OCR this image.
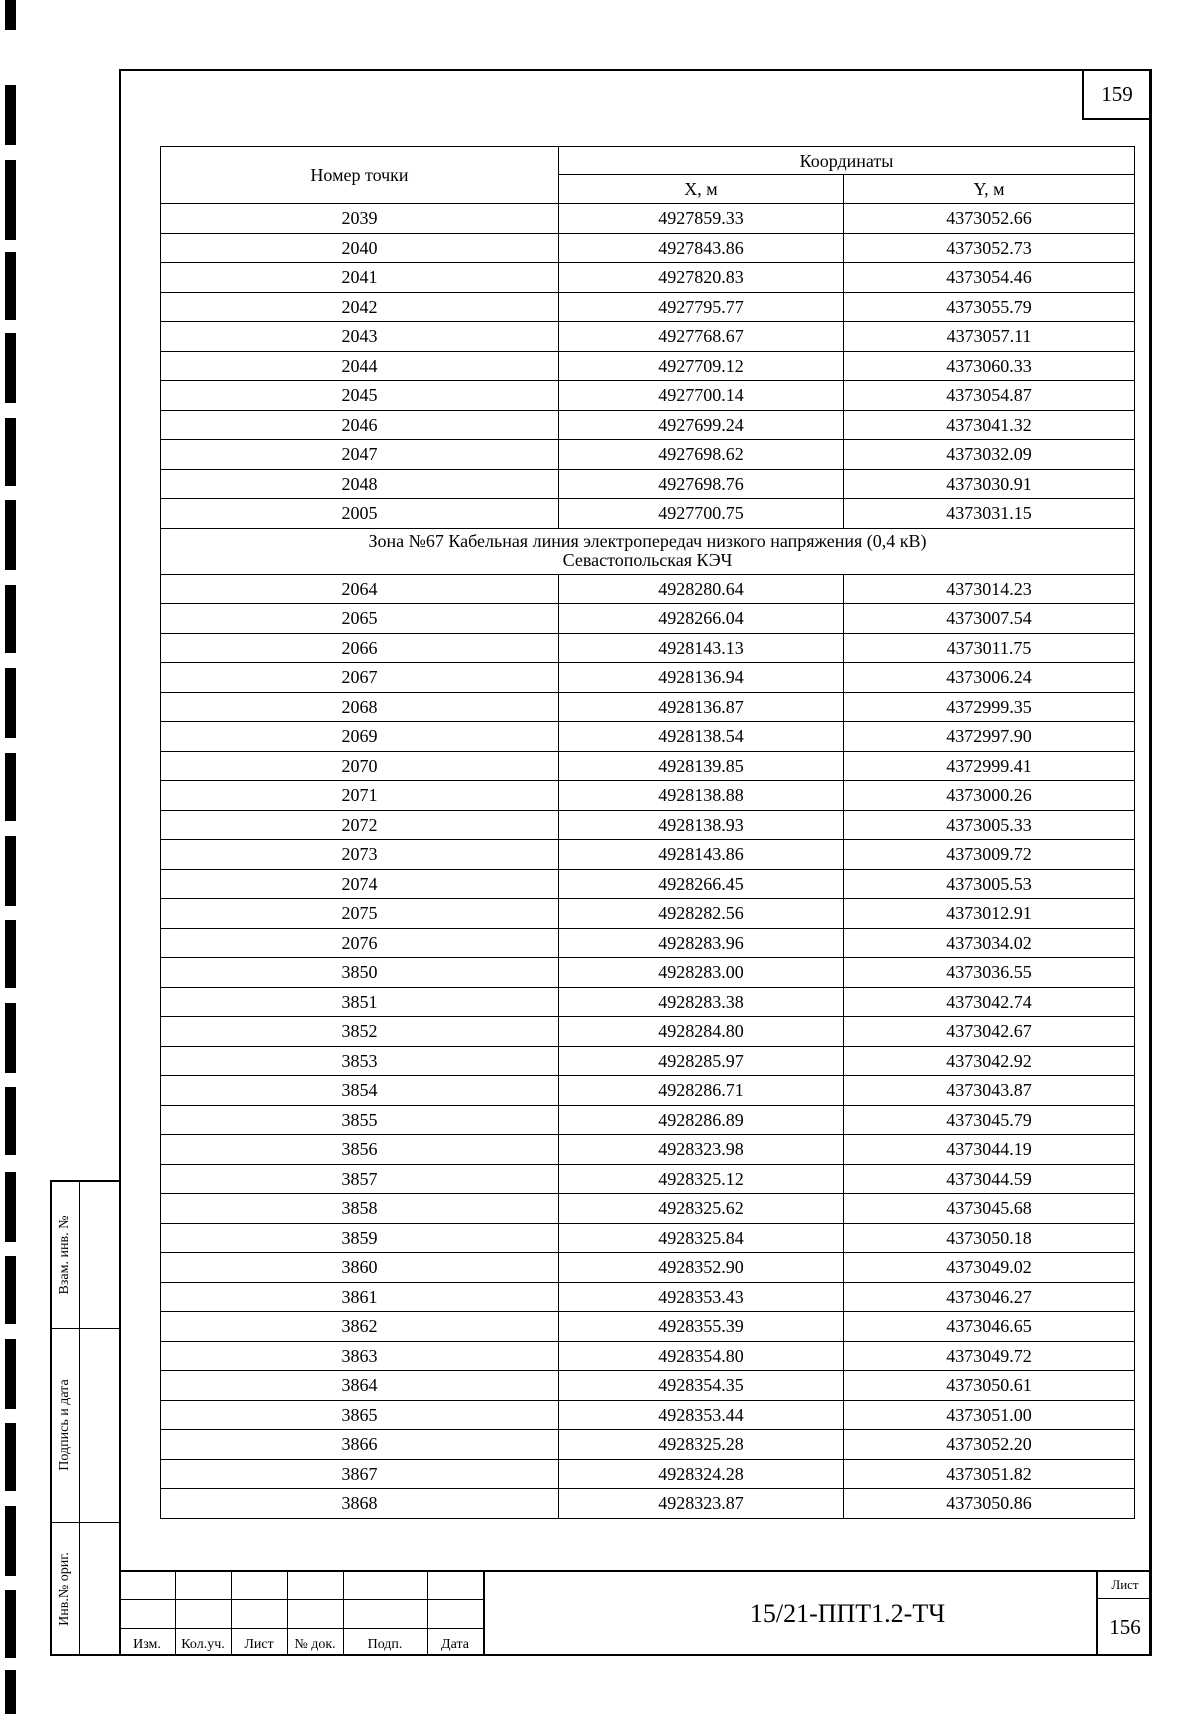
159
Номер точки	Координаты	
	X, м	Y, м
2039	4927859.33	4373052.66
2040	4927843.86	4373052.73
2041	4927820.83	4373054.46
2042	4927795.77	4373055.79
2043	4927768.67	4373057.11
2044	4927709.12	4373060.33
2045	4927700.14	4373054.87
2046	4927699.24	4373041.32
2047	4927698.62	4373032.09
2048	4927698.76	4373030.91
2005	4927700.75	4373031.15

Зона №67 Кабельная линия электропередач низкого напряжения (0,4 кВ)
Севастопольская КЭЧ		

2064	4928280.64	4373014.23
2065	4928266.04	4373007.54
2066	4928143.13	4373011.75
2067	4928136.94	4373006.24
2068	4928136.87	4372999.35
2069	4928138.54	4372997.90
2070	4928139.85	4372999.41
2071	4928138.88	4373000.26
2072	4928138.93	4373005.33
2073	4928143.86	4373009.72
2074	4928266.45	4373005.53
2075	4928282.56	4373012.91
2076	4928283.96	4373034.02
3850	4928283.00	4373036.55
3851	4928283.38	4373042.74
3852	4928284.80	4373042.67
3853	4928285.97	4373042.92
3854	4928286.71	4373043.87
3855	4928286.89	4373045.79
3856	4928323.98	4373044.19
3857	4928325.12	4373044.59
3858	4928325.62	4373045.68
3859	4928325.84	4373050.18
3860	4928352.90	4373049.02
3861	4928353.43	4373046.27
3862	4928355.39	4373046.65
3863	4928354.80	4373049.72
3864	4928354.35	4373050.61
3865	4928353.44	4373051.00
3866	4928325.28	4373052.20
3867	4928324.28	4373051.82
3868	4928323.87	4373050.86
Взам. инв. №
Подпись и дата
Инв.№ ориг.
Изм.	Кол.уч.	Лист	№ док.	Подп.	Дата
15/21-ППТ1.2-ТЧ
Лист
156
